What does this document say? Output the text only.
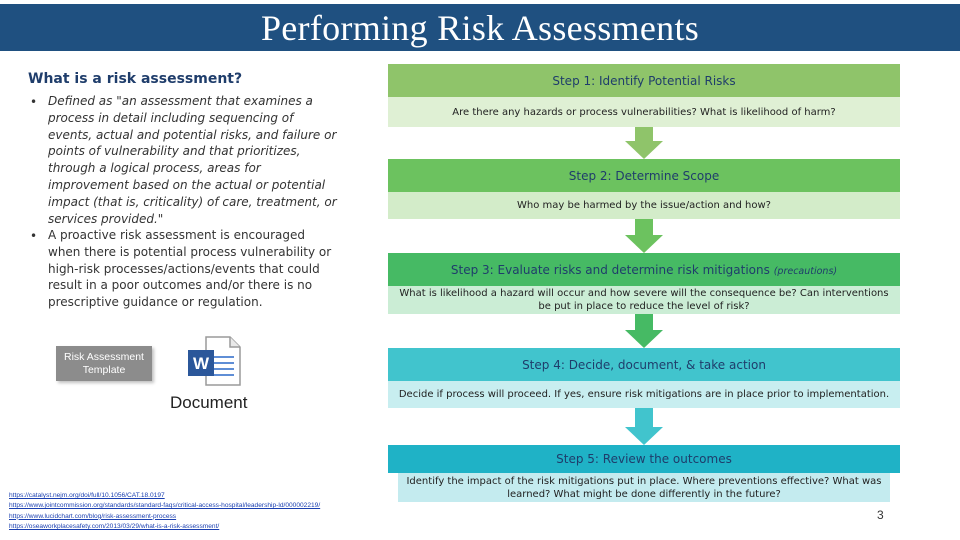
Performing Risk Assessments
What is a risk assessment?
• Defined as "an assessment that examines a process in detail including sequencing of events, actual and potential risks, and failure or points of vulnerability and that prioritizes, through a logical process, areas for improvement based on the actual or potential impact (that is, criticality) of care, treatment, or services provided."
• A proactive risk assessment is encouraged when there is potential process vulnerability or high-risk processes/actions/events that could result in a poor outcomes and/or there is no prescriptive guidance or regulation.
Risk Assessment Template	W
Document
https://catalyst.nejm.org/doi/full/10.1056/CAT.18.0197
https://www.jointcommission.org/standards/standard-faqs/critical-access-hospital/leadership-ld/000002219/
https://www.lucidchart.com/blog/risk-assessment-process
https://oseaworkplacesafety.com/2013/03/29/what-is-a-risk-assessment/
Step 1: Identify Potential Risks
Are there any hazards or process vulnerabilities? What is likelihood of harm?
Step 2: Determine Scope
Who may be harmed by the issue/action and how?
Step 3: Evaluate risks and determine risk mitigations (precautions)
What is likelihood a hazard will occur and how severe will the consequence be? Can interventions be put in place to reduce the level of risk?
Step 4: Decide, document, & take action
Decide if process will proceed. If yes, ensure risk mitigations are in place prior to implementation.
Step 5: Review the outcomes
Identify the impact of the risk mitigations put in place. Where preventions effective? What was learned? What might be done differently in the future?
3
